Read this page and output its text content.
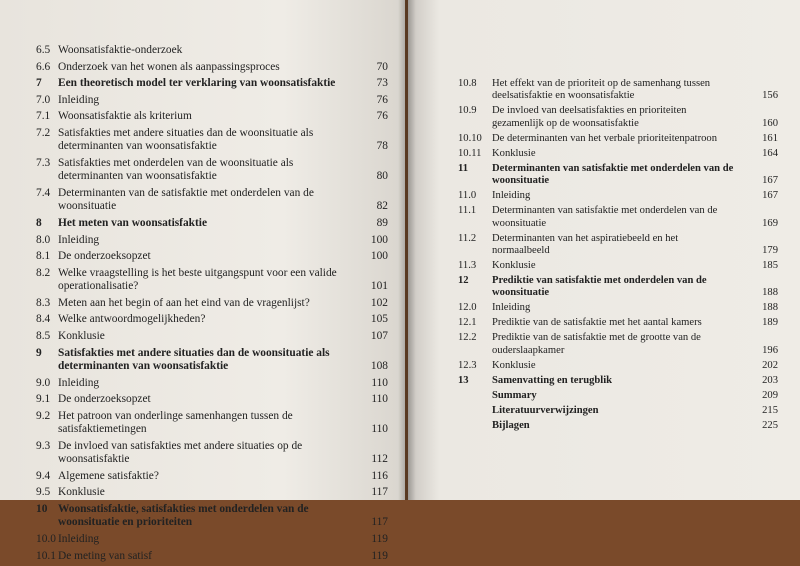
6.5 Woonsatisfaktie-onderzoek
6.6 Onderzoek van het wonen als aanpassingsproces	70
7	Een theoretisch model ter verklaring van woonsatisfaktie	73
7.0 Inleiding	76
7.1 Woonsatisfaktie als kriterium	76
7.2 Satisfakties met andere situaties dan de woonsituatie als determinanten van woonsatisfaktie	78
7.3 Satisfakties met onderdelen van de woonsituatie als determinanten van woonsatisfaktie	80
7.4 Determinanten van de satisfaktie met onderdelen van de woonsituatie	82
8	Het meten van woonsatisfaktie	89
8.0 Inleiding	100
8.1 De onderzoeksopzet	100
8.2 Welke vraagstelling is het beste uitgangspunt voor een valide operationalisatie?	101
8.3 Meten aan het begin of aan het eind van de vragenlijst?	102
8.4 Welke antwoordmogelijkheden?	105
8.5 Konklusie	107
9	Satisfakties met andere situaties dan de woonsituatie als determinanten van woonsatisfaktie	108
9.0 Inleiding	110
9.1 De onderzoeksopzet	110
9.2 Het patroon van onderlinge samenhangen tussen de satisfaktiemetingen	110
9.3 De invloed van satisfakties met andere situaties op de woonsatisfaktie	112
9.4 Algemene satisfaktie?	116
9.5 Konklusie	117
10 Woonsatisfaktie, satisfakties met onderdelen van de woonsituatie en prioriteiten	117
10.0 Inleiding	119
10.1 De meting van satisf	119
10.8	Het effekt van de prioriteit op de samenhang tussen deelsatisfaktie en woonsatisfaktie	156
10.9	De invloed van deelsatisfakties en prioriteiten gezamenlijk op de woonsatisfaktie	160
10.10 De determinanten van het verbale prioriteitenpatroon	161
10.11 Konklusie	164
11	Determinanten van satisfaktie met onderdelen van de woonsituatie	167
11.0	Inleiding	167
11.1	Determinanten van satisfaktie met onderdelen van de woonsituatie	169
11.2	Determinanten van het aspiratiebeeld en het normaalbeeld	179
11.3	Konklusie	185
12	Prediktie van satisfaktie met onderdelen van de woonsituatie	188
12.0	Inleiding	188
12.1	Prediktie van de satisfaktie met het aantal kamers	189
12.2	Prediktie van de satisfaktie met de grootte van de ouderslaapkamer	196
12.3	Konklusie	202
13	Samenvatting en terugblik	203
Summary	209
Literatuurverwijzingen	215
Bijlagen	225
